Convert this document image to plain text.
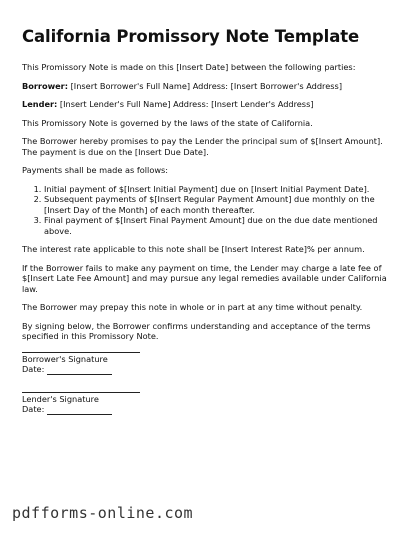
California Promissory Note Template

This Promissory Note is made on this [Insert Date] between the following parties:

Borrower: [Insert Borrower's Full Name] Address: [Insert Borrower's Address]

Lender: [Insert Lender's Full Name] Address: [Insert Lender's Address]

This Promissory Note is governed by the laws of the state of California.

The Borrower hereby promises to pay the Lender the principal sum of $[Insert Amount]. The payment is due on the [Insert Due Date].

Payments shall be made as follows:

1. Initial payment of $[Insert Initial Payment] due on [Insert Initial Payment Date].
2. Subsequent payments of $[Insert Regular Payment Amount] due monthly on the [Insert Day of the Month] of each month thereafter.
3. Final payment of $[Insert Final Payment Amount] due on the due date mentioned above.

The interest rate applicable to this note shall be [Insert Interest Rate]% per annum.

If the Borrower fails to make any payment on time, the Lender may charge a late fee of $[Insert Late Fee Amount] and may pursue any legal remedies available under California law.

The Borrower may prepay this note in whole or in part at any time without penalty.

By signing below, the Borrower confirms understanding and acceptance of the terms specified in this Promissory Note.

Borrower's Signature
Date:
Lender's Signature
Date:
pdfforms-online.com
